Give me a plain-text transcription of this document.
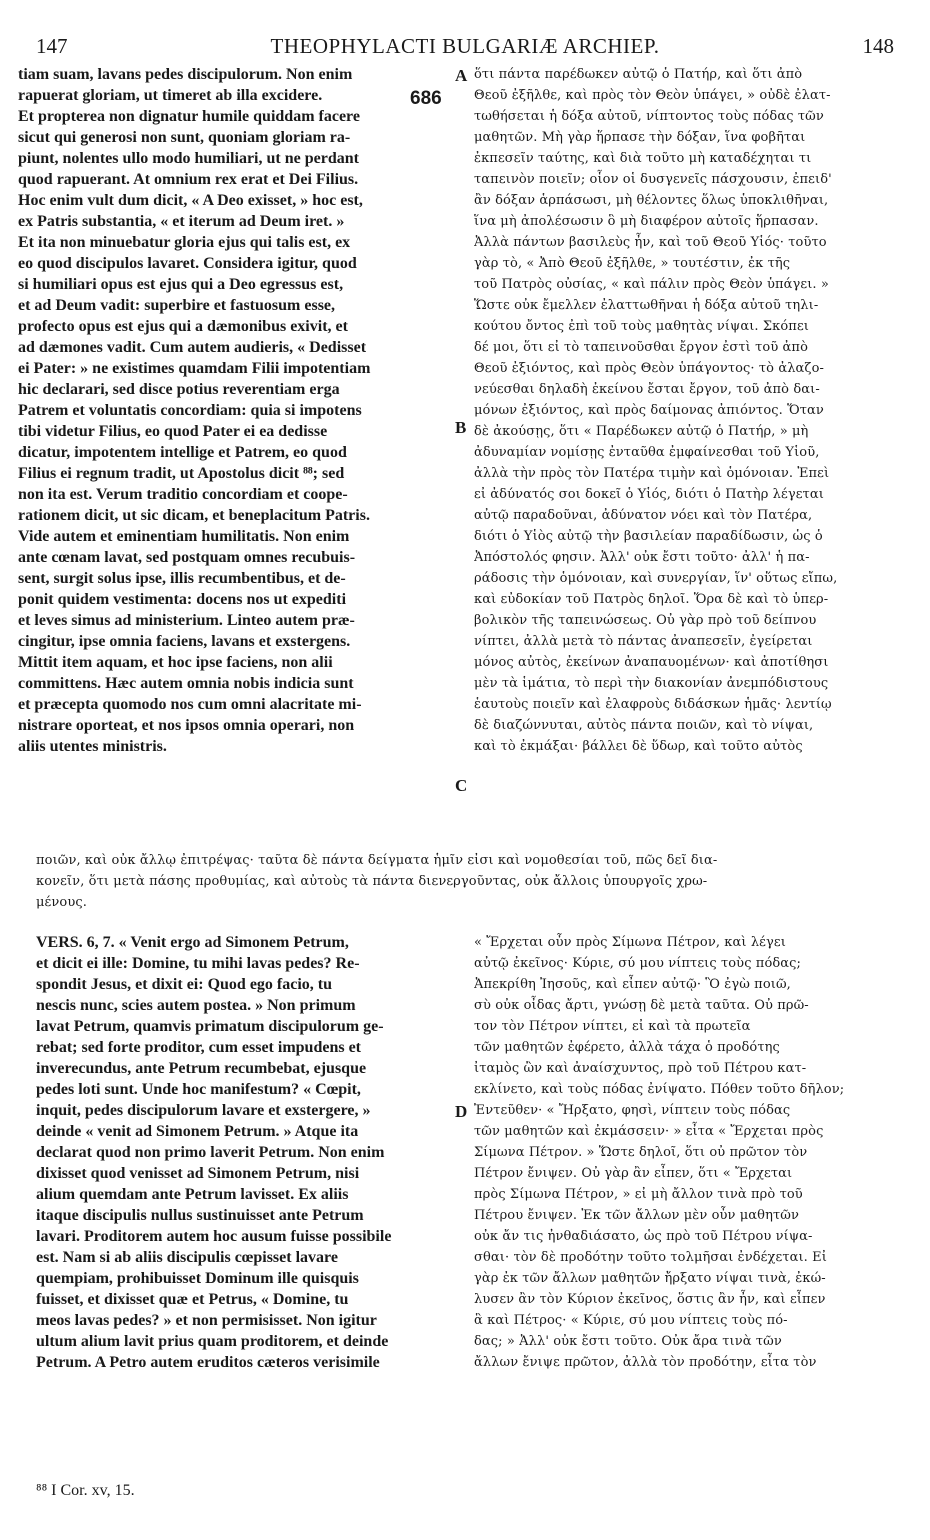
147	THEOPHYLACTI BULGARIÆ ARCHIEP.	148
686
A
B
C
D
tiam suam, lavans pedes discipulorum. Non enim
rapuerat gloriam, ut timeret ab illa excidere.
Et propterea non dignatur humile quiddam facere
sicut qui generosi non sunt, quoniam gloriam ra-
piunt, nolentes ullo modo humiliari, ut ne perdant
quod rapuerant. At omnium rex erat et Dei Filius.
Hoc enim vult dum dicit, « A Deo exisset, » hoc est,
ex Patris substantia, « et iterum ad Deum iret. »
Et ita non minuebatur gloria ejus qui talis est, ex
eo quod discipulos lavaret. Considera igitur, quod
si humiliari opus est ejus qui a Deo egressus est,
et ad Deum vadit: superbire et fastuosum esse,
profecto opus est ejus qui a dæmonibus exivit, et
ad dæmones vadit. Cum autem audieris, « Dedisset
ei Pater: » ne existimes quamdam Filii impotentiam
hic declarari, sed disce potius reverentiam erga
Patrem et voluntatis concordiam: quia si impotens
tibi videtur Filius, eo quod Pater ei ea dedisse
dicatur, impotentem intellige et Patrem, eo quod
Filius ei regnum tradit, ut Apostolus dicit ⁸⁸; sed
non ita est. Verum traditio concordiam et coope-
rationem dicit, ut sic dicam, et beneplacitum Patris.
Vide autem et eminentiam humilitatis. Non enim
ante cœnam lavat, sed postquam omnes recubuis-
sent, surgit solus ipse, illis recumbentibus, et de-
ponit quidem vestimenta: docens nos ut expediti
et leves simus ad ministerium. Linteo autem præ-
cingitur, ipse omnia faciens, lavans et exstergens.
Mittit item aquam, et hoc ipse faciens, non alii
committens. Hæc autem omnia nobis indicia sunt
et præcepta quomodo nos cum omni alacritate mi-
nistrare oporteat, et nos ipsos omnia operari, non
aliis utentes ministris.
ὅτι πάντα παρέδωκεν αὐτῷ ὁ Πατήρ, καὶ ὅτι ἀπὸ
Θεοῦ ἐξῆλθε, καὶ πρὸς τὸν Θεὸν ὑπάγει, » οὐδὲ ἐλατ-
τωθήσεται ἡ δόξα αὐτοῦ, νίπτοντος τοὺς πόδας τῶν
μαθητῶν. Μὴ γὰρ ἥρπασε τὴν δόξαν, ἵνα φοβῆται
ἐκπεσεῖν ταύτης, καὶ διὰ τοῦτο μὴ καταδέχηται τι
ταπεινὸν ποιεῖν; οἷον οἱ δυσγενεῖς πάσχουσιν, ἐπειδ'
ἂν δόξαν ἁρπάσωσι, μὴ θέλοντες ὅλως ὑποκλιθῆναι,
ἵνα μὴ ἀπολέσωσιν ὃ μὴ διαφέρον αὐτοῖς ἥρπασαν.
Ἀλλὰ πάντων βασιλεὺς ἦν, καὶ τοῦ Θεοῦ Υἱός· τοῦτο
γὰρ τὸ, « Ἀπὸ Θεοῦ ἐξῆλθε, » τουτέστιν, ἐκ τῆς
τοῦ Πατρὸς οὐσίας, « καὶ πάλιν πρὸς Θεὸν ὑπάγει. »
Ὥστε οὐκ ἔμελλεν ἐλαττωθῆναι ἡ δόξα αὐτοῦ τηλι-
κούτου ὄντος ἐπὶ τοῦ τοὺς μαθητὰς νίψαι. Σκόπει
δέ μοι, ὅτι εἰ τὸ ταπεινοῦσθαι ἔργον ἐστὶ τοῦ ἀπὸ
Θεοῦ ἐξιόντος, καὶ πρὸς Θεὸν ὑπάγοντος· τὸ ἀλαζο-
νεύεσθαι δηλαδὴ ἐκείνου ἔσται ἔργον, τοῦ ἀπὸ δαι-
μόνων ἐξιόντος, καὶ πρὸς δαίμονας ἀπιόντος. Ὅταν
δὲ ἀκούσῃς, ὅτι « Παρέδωκεν αὐτῷ ὁ Πατήρ, » μὴ
ἀδυναμίαν νομίσῃς ἐνταῦθα ἐμφαίνεσθαι τοῦ Υἱοῦ,
ἀλλὰ τὴν πρὸς τὸν Πατέρα τιμὴν καὶ ὁμόνοιαν. Ἐπεὶ
εἰ ἀδύνατός σοι δοκεῖ ὁ Υἱός, διότι ὁ Πατὴρ λέγεται
αὐτῷ παραδοῦναι, ἀδύνατον νόει καὶ τὸν Πατέρα,
διότι ὁ Υἱὸς αὐτῷ τὴν βασιλείαν παραδίδωσιν, ὡς ὁ
Ἀπόστολός φησιν. Ἀλλ' οὐκ ἔστι τοῦτο· ἀλλ' ἡ πα-
ράδοσις τὴν ὁμόνοιαν, καὶ συνεργίαν, ἵν' οὕτως εἴπω,
καὶ εὐδοκίαν τοῦ Πατρὸς δηλοῖ. Ὅρα δὲ καὶ τὸ ὑπερ-
βολικὸν τῆς ταπεινώσεως. Οὐ γὰρ πρὸ τοῦ δείπνου
νίπτει, ἀλλὰ μετὰ τὸ πάντας ἀναπεσεῖν, ἐγείρεται
μόνος αὐτὸς, ἐκείνων ἀναπαυομένων· καὶ ἀποτίθησι
μὲν τὰ ἱμάτια, τὸ περὶ τὴν διακονίαν ἀνεμπόδιστους
ἑαυτοὺς ποιεῖν καὶ ἐλαφροὺς διδάσκων ἡμᾶς· λεντίῳ
δὲ διαζώννυται, αὐτὸς πάντα ποιῶν, καὶ τὸ νίψαι,
καὶ τὸ ἐκμάξαι· βάλλει δὲ ὕδωρ, καὶ τοῦτο αὐτὸς
ποιῶν, καὶ οὐκ ἄλλῳ ἐπιτρέψας· ταῦτα δὲ πάντα δείγματα ἡμῖν εἰσι καὶ νομοθεσίαι τοῦ, πῶς δεῖ δια-
κονεῖν, ὅτι μετὰ πάσης προθυμίας, καὶ αὐτοὺς τὰ πάντα διενεργοῦντας, οὐκ ἄλλοις ὑπουργοῖς χρω-
μένους.
VERS. 6, 7. « Venit ergo ad Simonem Petrum,
et dicit ei ille: Domine, tu mihi lavas pedes? Re-
spondit Jesus, et dixit ei: Quod ego facio, tu
nescis nunc, scies autem postea. » Non primum
lavat Petrum, quamvis primatum discipulorum ge-
rebat; sed forte proditor, cum esset impudens et
inverecundus, ante Petrum recumbebat, ejusque
pedes loti sunt. Unde hoc manifestum? « Cœpit,
inquit, pedes discipulorum lavare et exstergere, »
deinde « venit ad Simonem Petrum. » Atque ita
declarat quod non primo laverit Petrum. Non enim
dixisset quod venisset ad Simonem Petrum, nisi
alium quemdam ante Petrum lavisset. Ex aliis
itaque discipulis nullus sustinuisset ante Petrum
lavari. Proditorem autem hoc ausum fuisse possibile
est. Nam si ab aliis discipulis cœpisset lavare
quempiam, prohibuisset Dominum ille quisquis
fuisset, et dixisset quæ et Petrus, « Domine, tu
meos lavas pedes? » et non permisisset. Non igitur
ultum alium lavit prius quam proditorem, et deinde
Petrum. A Petro autem eruditos cæteros verisimile
« Ἔρχεται οὖν πρὸς Σίμωνα Πέτρον, καὶ λέγει
αὐτῷ ἐκεῖνος· Κύριε, σύ μου νίπτεις τοὺς πόδας;
Ἀπεκρίθη Ἰησοῦς, καὶ εἶπεν αὐτῷ· Ὃ ἐγὼ ποιῶ,
σὺ οὐκ οἶδας ἄρτι, γνώσῃ δὲ μετὰ ταῦτα. Οὐ πρῶ-
τον τὸν Πέτρον νίπτει, εἰ καὶ τὰ πρωτεῖα
τῶν μαθητῶν ἐφέρετο, ἀλλὰ τάχα ὁ προδότης
ἰταμὸς ὢν καὶ ἀναίσχυντος, πρὸ τοῦ Πέτρου κατ-
εκλίνετο, καὶ τοὺς πόδας ἐνίψατο. Πόθεν τοῦτο δῆλον;
Ἐντεῦθεν· « Ἤρξατο, φησὶ, νίπτειν τοὺς πόδας
τῶν μαθητῶν καὶ ἐκμάσσειν· » εἶτα « Ἔρχεται πρὸς
Σίμωνα Πέτρον. » Ὥστε δηλοῖ, ὅτι οὐ πρῶτον τὸν
Πέτρον ἔνιψεν. Οὐ γὰρ ἂν εἶπεν, ὅτι « Ἔρχεται
πρὸς Σίμωνα Πέτρον, » εἰ μὴ ἄλλον τινὰ πρὸ τοῦ
Πέτρου ἔνιψεν. Ἐκ τῶν ἄλλων μὲν οὖν μαθητῶν
οὐκ ἄν τις ἠνθαδιάσατο, ὡς πρὸ τοῦ Πέτρου νίψα-
σθαι· τὸν δὲ προδότην τοῦτο τολμῆσαι ἐνδέχεται. Εἰ
γὰρ ἐκ τῶν ἄλλων μαθητῶν ἤρξατο νίψαι τινὰ, ἐκώ-
λυσεν ἂν τὸν Κύριον ἐκεῖνος, ὅστις ἂν ἦν, καὶ εἶπεν
ἃ καὶ Πέτρος· « Κύριε, σύ μου νίπτεις τοὺς πό-
δας; » Ἀλλ' οὐκ ἔστι τοῦτο. Οὐκ ἄρα τινὰ τῶν
ἄλλων ἔνιψε πρῶτον, ἀλλὰ τὸν προδότην, εἶτα τὸν
⁸⁸ I Cor. xv, 15.
